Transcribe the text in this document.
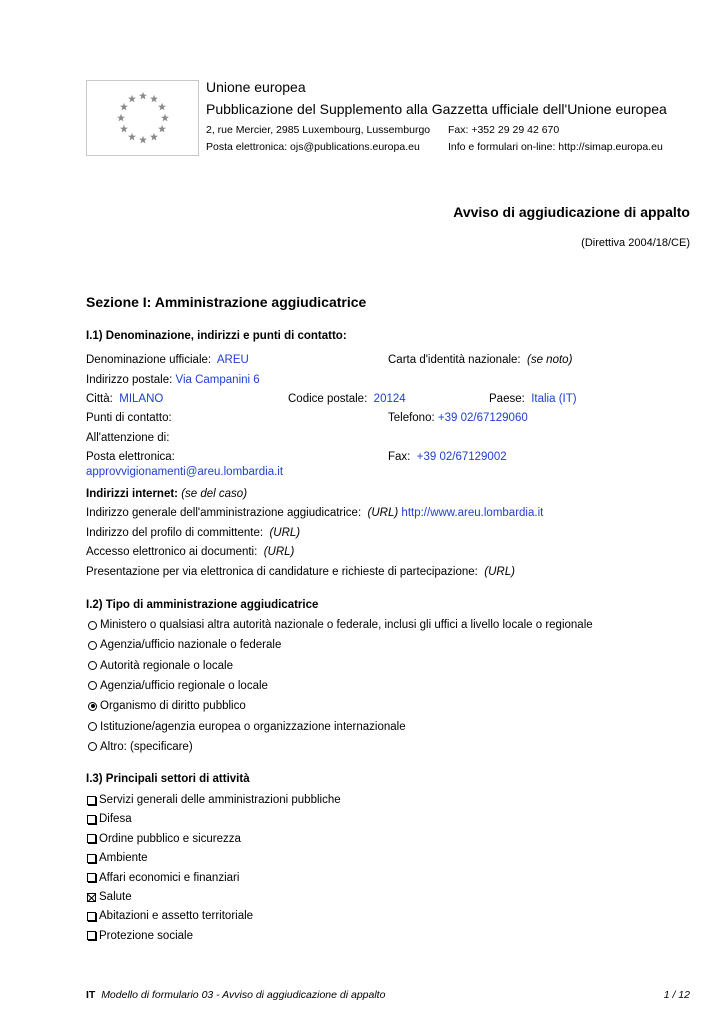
Unione europea
Pubblicazione del Supplemento alla Gazzetta ufficiale dell'Unione europea
2, rue Mercier, 2985 Luxembourg, Lussemburgo Fax: +352 29 29 42 670
Posta elettronica: ojs@publications.europa.eu	Info e formulari on-line: http://simap.europa.eu
Avviso di aggiudicazione di appalto
(Direttiva 2004/18/CE)
Sezione I: Amministrazione aggiudicatrice
I.1) Denominazione, indirizzi e punti di contatto:
Denominazione ufficiale: AREU	Carta d'identità nazionale: (se noto)
Indirizzo postale: Via Campanini 6
Città: MILANO	Codice postale: 20124	Paese: Italia (IT)
Punti di contatto:	Telefono: +39 02/67129060
All'attenzione di:
Posta elettronica:
approvvigionamenti@areu.lombardia.it
Fax: +39 02/67129002
Indirizzi internet: (se del caso)
Indirizzo generale dell'amministrazione aggiudicatrice: (URL) http://www.areu.lombardia.it
Indirizzo del profilo di committente: (URL)
Accesso elettronico ai documenti: (URL)
Presentazione per via elettronica di candidature e richieste di partecipazione: (URL)
I.2) Tipo di amministrazione aggiudicatrice
Ministero o qualsiasi altra autorità nazionale o federale, inclusi gli uffici a livello locale o regionale
Agenzia/ufficio nazionale o federale
Autorità regionale o locale
Agenzia/ufficio regionale o locale
Organismo di diritto pubblico
Istituzione/agenzia europea o organizzazione internazionale
Altro: (specificare)
I.3) Principali settori di attività
Servizi generali delle amministrazioni pubbliche
Difesa
Ordine pubblico e sicurezza
Ambiente
Affari economici e finanziari
Salute
Abitazioni e assetto territoriale
Protezione sociale
IT Modello di formulario 03 - Avviso di aggiudicazione di appalto	1 / 12
